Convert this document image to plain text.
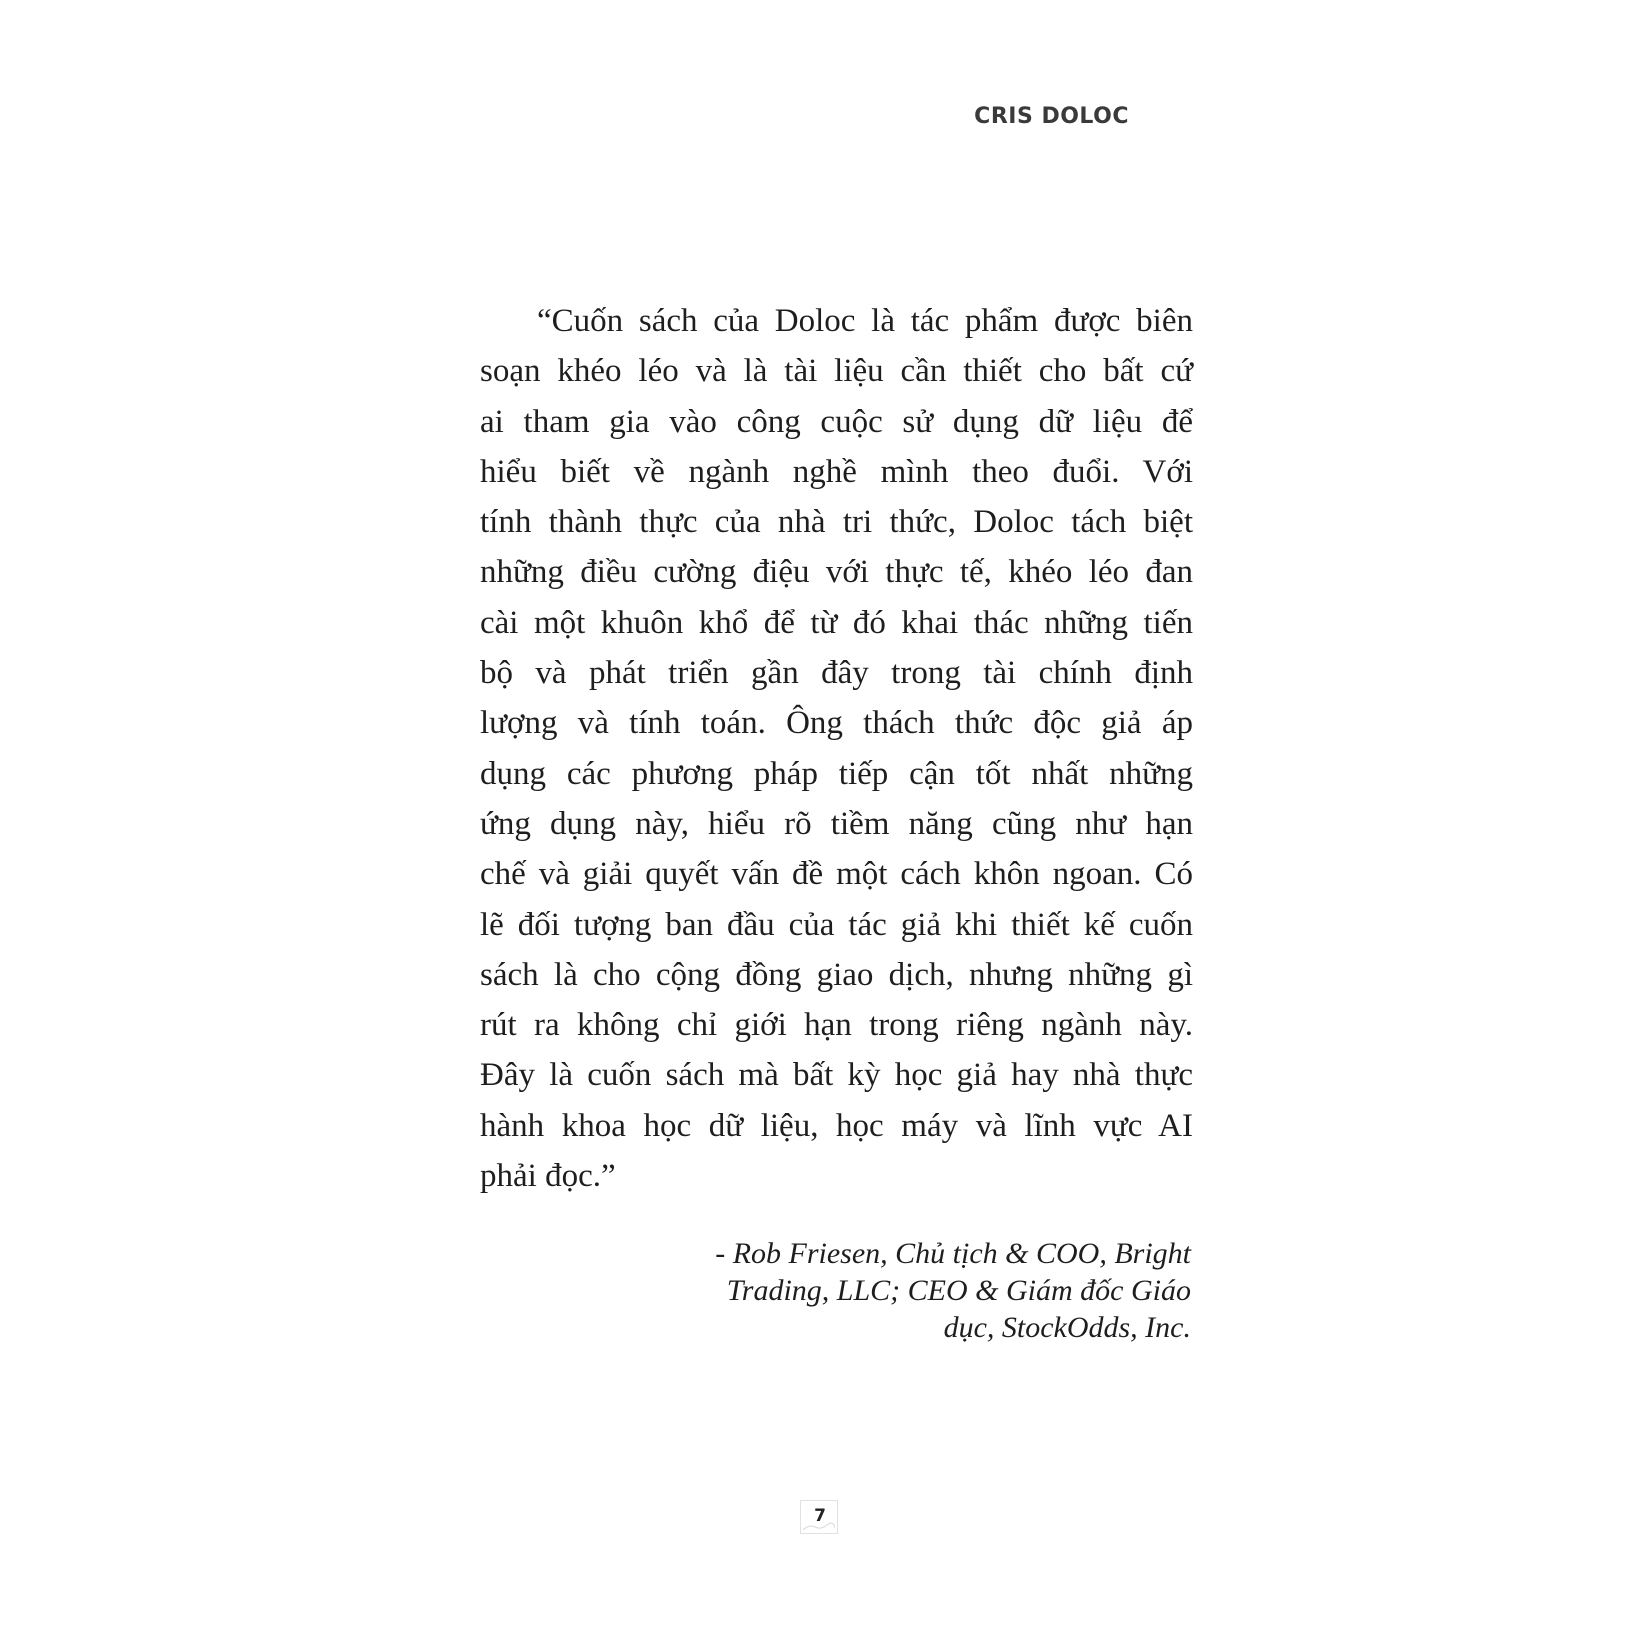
CRIS DOLOC
“Cuốn sách của Doloc là tác phẩm được biên
soạn khéo léo và là tài liệu cần thiết cho bất cứ
ai tham gia vào công cuộc sử dụng dữ liệu để
hiểu biết về ngành nghề mình theo đuổi. Với
tính thành thực của nhà tri thức, Doloc tách biệt
những điều cường điệu với thực tế, khéo léo đan
cài một khuôn khổ để từ đó khai thác những tiến
bộ và phát triển gần đây trong tài chính định
lượng và tính toán. Ông thách thức độc giả áp
dụng các phương pháp tiếp cận tốt nhất những
ứng dụng này, hiểu rõ tiềm năng cũng như hạn
chế và giải quyết vấn đề một cách khôn ngoan. Có
lẽ đối tượng ban đầu của tác giả khi thiết kế cuốn
sách là cho cộng đồng giao dịch, nhưng những gì
rút ra không chỉ giới hạn trong riêng ngành này.
Đây là cuốn sách mà bất kỳ học giả hay nhà thực
hành khoa học dữ liệu, học máy và lĩnh vực AI
phải đọc.”
- Rob Friesen, Chủ tịch & COO, Bright
Trading, LLC; CEO & Giám đốc Giáo
dục, StockOdds, Inc.
7
